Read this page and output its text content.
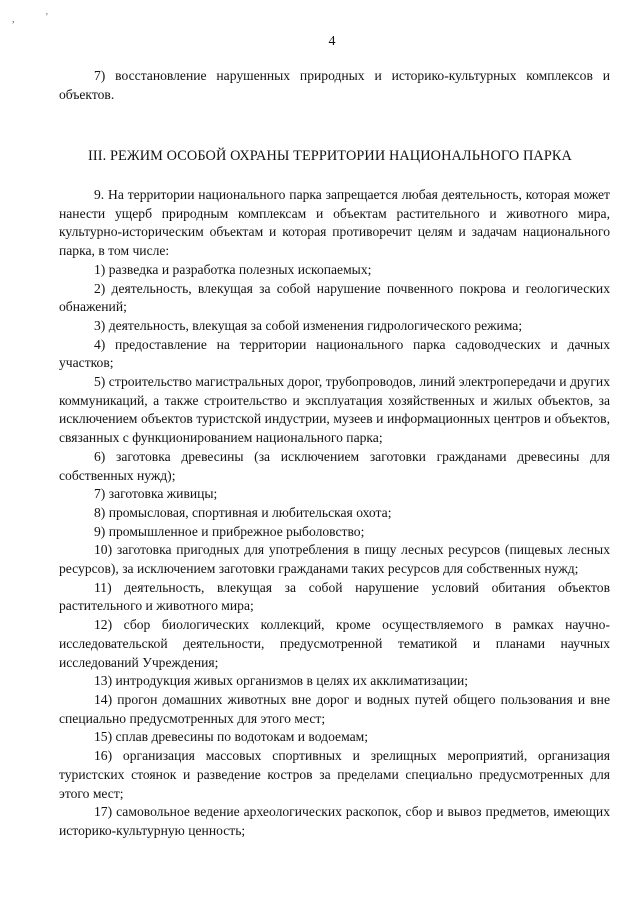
,	'
4

7) восстановление нарушенных природных и историко-культурных комплексов и объектов.

III. РЕЖИМ ОСОБОЙ ОХРАНЫ ТЕРРИТОРИИ НАЦИОНАЛЬНОГО ПАРКА

9. На территории национального парка запрещается любая деятельность, которая может нанести ущерб природным комплексам и объектам растительного и животного мира, культурно-историческим объектам и которая противоречит целям и задачам национального парка, в том числе:

1) разведка и разработка полезных ископаемых;

2) деятельность, влекущая за собой нарушение почвенного покрова и геологических обнажений;

3) деятельность, влекущая за собой изменения гидрологического режима;

4) предоставление на территории национального парка садоводческих и дачных участков;

5) строительство магистральных дорог, трубопроводов, линий электропередачи и других коммуникаций, а также строительство и эксплуатация хозяйственных и жилых объектов, за исключением объектов туристской индустрии, музеев и информационных центров и объектов, связанных с функционированием национального парка;

6) заготовка древесины (за исключением заготовки гражданами древесины для собственных нужд);

7) заготовка живицы;

8) промысловая, спортивная и любительская охота;

9) промышленное и прибрежное рыболовство;

10) заготовка пригодных для употребления в пищу лесных ресурсов (пищевых лесных ресурсов), за исключением заготовки гражданами таких ресурсов для собственных нужд;

11) деятельность, влекущая за собой нарушение условий обитания объектов растительного и животного мира;

12) сбор биологических коллекций, кроме осуществляемого в рамках научно-исследовательской деятельности, предусмотренной тематикой и планами научных исследований Учреждения;

13) интродукция живых организмов в целях их акклиматизации;

14) прогон домашних животных вне дорог и водных путей общего пользования и вне специально предусмотренных для этого мест;

15) сплав древесины по водотокам и водоемам;

16) организация массовых спортивных и зрелищных мероприятий, организация туристских стоянок и разведение костров за пределами специально предусмотренных для этого мест;

17) самовольное ведение археологических раскопок, сбор и вывоз предметов, имеющих историко-культурную ценность;
